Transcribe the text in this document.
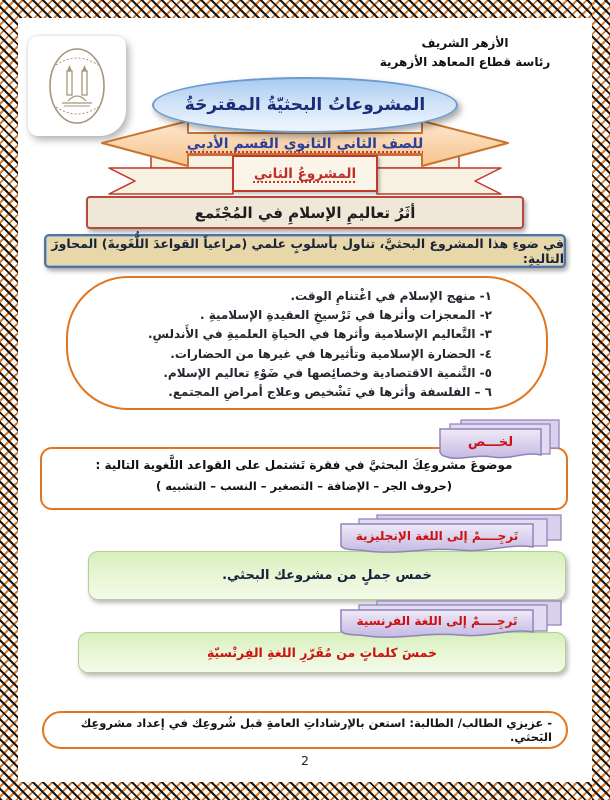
الأزهر الشريف
رئاسة قطاع المعاهد الأزهرية
للصف الثاني الثانوي القسم الأدبي
المشروعاتُ البحثيّةُ المقترحَةُ
المشروعُ الثاني
أثَرُ تعاليمِ الإسلامِ في المُجْتَمع
في ضوءِ هذا المشروع البحثيَّ، تناول بأسلوبٍ علمي (مراعياً القواعدَ اللُّغَويةَ) المحاورَ التاليةِ:
١- منهج الإسلام في اغْتنامِ الوقت.
٢- المعجزات وأثرها في تَرْسيخِ العقيدةِ الإسلاميةِ .
٣- التَّعاليم الإسلامية وأثرها في الحياةِ العلميةِ في الأَندلسِ.
٤- الحضارة الإسلامية وتأثيرها في غيرها من الحضارات.
٥- التَّنمية الاقتصادية وخصائِصها في ضَوْءِ تعاليم الإسلام.
٦ – الفلسفة وأثرها في تَشْخيص وعلاج أمراضِ المجتمع.
لخـــص
موضوعَ مشروعِكَ البحثيَّ في فقرة تَشتمل على القواعد اللَّغوية التالية :
(حروف الجر – الإضافة – التصغير – النسب – التشبيه )
تَرجِــــمْ إلى اللغة الإنجليزية
خمس جملٍ من مشروعك البحثي.
تَرجِــــمْ إلى اللغة الفرنسية
خمسَ كلماتٍ من مُقَرّرِ اللغةِ الفِرنْسيّةِ
- عزيزي الطالب/ الطالبة: استعن بالإرشاداتِ العامةِ قبل شُروعِك في إعداد مشروعِك البَحثي.
2
